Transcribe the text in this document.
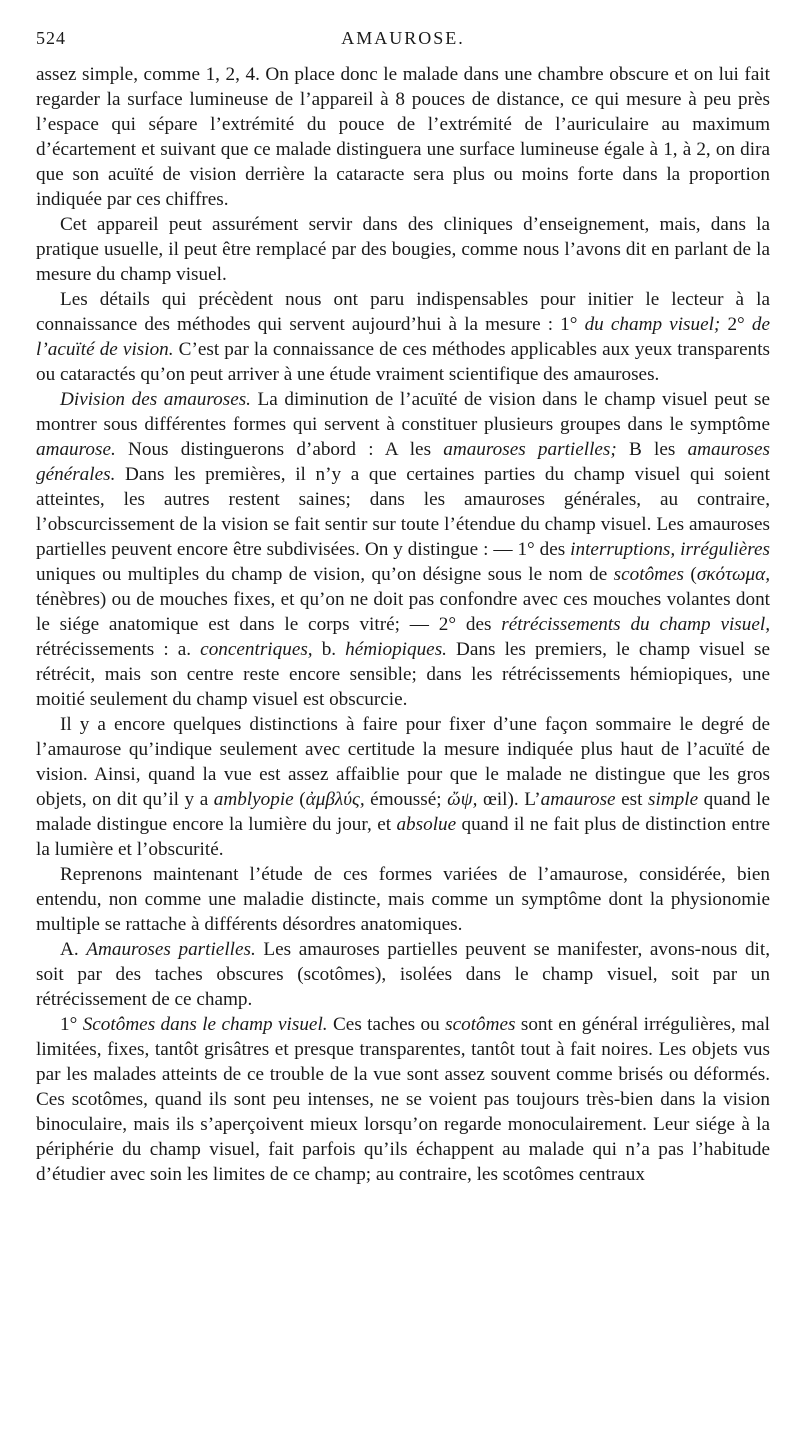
524	AMAUROSE.

assez simple, comme 1, 2, 4. On place donc le malade dans une chambre obscure et on lui fait regarder la surface lumineuse de l’appareil à 8 pouces de distance, ce qui mesure à peu près l’espace qui sépare l’extrémité du pouce de l’extrémité de l’auriculaire au maximum d’écartement et suivant que ce malade distinguera une surface lumineuse égale à 1, à 2, on dira que son acuïté de vision derrière la cataracte sera plus ou moins forte dans la proportion indiquée par ces chiffres.

Cet appareil peut assurément servir dans des cliniques d’enseignement, mais, dans la pratique usuelle, il peut être remplacé par des bougies, comme nous l’avons dit en parlant de la mesure du champ visuel.

Les détails qui précèdent nous ont paru indispensables pour initier le lecteur à la connaissance des méthodes qui servent aujourd’hui à la mesure : 1° du champ visuel; 2° de l’acuïté de vision. C’est par la connaissance de ces méthodes applicables aux yeux transparents ou cataractés qu’on peut arriver à une étude vraiment scientifique des amauroses.

Division des amauroses. La diminution de l’acuïté de vision dans le champ visuel peut se montrer sous différentes formes qui servent à constituer plusieurs groupes dans le symptôme amaurose. Nous distinguerons d’abord : A les amauroses partielles; B les amauroses générales. Dans les premières, il n’y a que certaines parties du champ visuel qui soient atteintes, les autres restent saines; dans les amauroses générales, au contraire, l’obscurcissement de la vision se fait sentir sur toute l’étendue du champ visuel. Les amauroses partielles peuvent encore être subdivisées. On y distingue : — 1° des interruptions, irrégulières uniques ou multiples du champ de vision, qu’on désigne sous le nom de scotômes (σκότωμα, ténèbres) ou de mouches fixes, et qu’on ne doit pas confondre avec ces mouches volantes dont le siége anatomique est dans le corps vitré; — 2° des rétrécissements du champ visuel, rétrécissements : a. concentriques, b. hémiopiques. Dans les premiers, le champ visuel se rétrécit, mais son centre reste encore sensible; dans les rétrécissements hémiopiques, une moitié seulement du champ visuel est obscurcie.

Il y a encore quelques distinctions à faire pour fixer d’une façon sommaire le degré de l’amaurose qu’indique seulement avec certitude la mesure indiquée plus haut de l’acuïté de vision. Ainsi, quand la vue est assez affaiblie pour que le malade ne distingue que les gros objets, on dit qu’il y a amblyopie (ἀμβλύς, émoussé; ὤψ, œil). L’amaurose est simple quand le malade distingue encore la lumière du jour, et absolue quand il ne fait plus de distinction entre la lumière et l’obscurité.

Reprenons maintenant l’étude de ces formes variées de l’amaurose, considérée, bien entendu, non comme une maladie distincte, mais comme un symptôme dont la physionomie multiple se rattache à différents désordres anatomiques.

A. Amauroses partielles. Les amauroses partielles peuvent se manifester, avons-nous dit, soit par des taches obscures (scotômes), isolées dans le champ visuel, soit par un rétrécissement de ce champ.

1° Scotômes dans le champ visuel. Ces taches ou scotômes sont en général irrégulières, mal limitées, fixes, tantôt grisâtres et presque transparentes, tantôt tout à fait noires. Les objets vus par les malades atteints de ce trouble de la vue sont assez souvent comme brisés ou déformés. Ces scotômes, quand ils sont peu intenses, ne se voient pas toujours très-bien dans la vision binoculaire, mais ils s’aperçoivent mieux lorsqu’on regarde monoculairement. Leur siége à la périphérie du champ visuel, fait parfois qu’ils échappent au malade qui n’a pas l’habitude d’étudier avec soin les limites de ce champ; au contraire, les scotômes centraux
